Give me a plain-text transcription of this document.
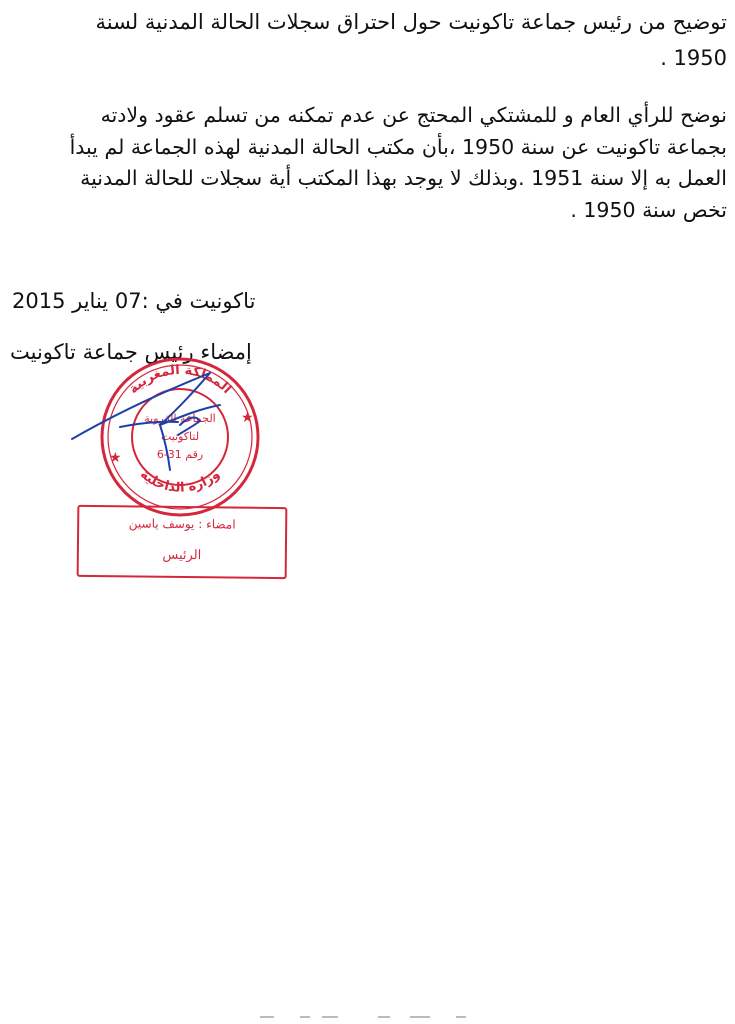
توضيح من رئيس جماعة تاكونيت حول احتراق سجلات الحالة المدنية لسنة

1950 .

نوضح للرأي العام و للمشتكي المحتج عن عدم تمكنه من تسلم عقود ولادته

بجماعة تاكونيت عن سنة 1950 ،بأن مكتب الحالة المدنية لهذه الجماعة لم يبدأ

العمل به إلا سنة 1951 .وبذلك لا يوجد بهذا المكتب أية سجلات للحالة المدنية

تخص سنة 1950 .

تاكونيت في :07 يناير 2015
إمضاء رئيس جماعة تاكونيت
المملكة المغربية
وزارة الداخلية
الجماعة القروية
لتاكونيت
رقم 31-6
★
★
امضاء : يوسف ياسين
الرئيس
